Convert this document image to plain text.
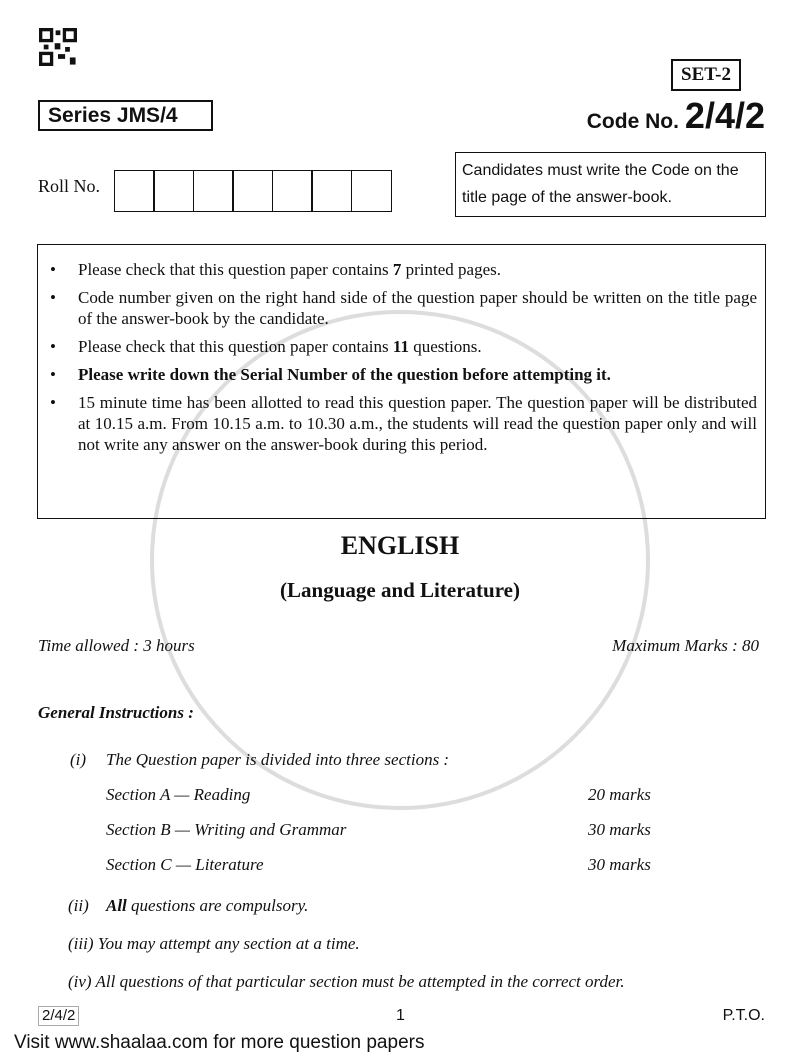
SET-2
Series JMS/4	Code No. 2/4/2
Roll No.
Candidates must write the Code on the title page of the answer-book.
• Please check that this question paper contains 7 printed pages.
• Code number given on the right hand side of the question paper should be written on the title page of the answer-book by the candidate.
• Please check that this question paper contains 11 questions.
• Please write down the Serial Number of the question before attempting it.
• 15 minute time has been allotted to read this question paper. The question paper will be distributed at 10.15 a.m. From 10.15 a.m. to 10.30 a.m., the students will read the question paper only and will not write any answer on the answer-book during this period.
ENGLISH
(Language and Literature)
Time allowed : 3 hours	Maximum Marks : 80
General Instructions :
(i) The Question paper is divided into three sections :
Section A — Reading	20 marks
Section B — Writing and Grammar	30 marks
Section C — Literature	30 marks
(ii) All questions are compulsory.
(iii) You may attempt any section at a time.
(iv) All questions of that particular section must be attempted in the correct order.
2/4/2	1	P.T.O.
Visit www.shaalaa.com for more question papers
